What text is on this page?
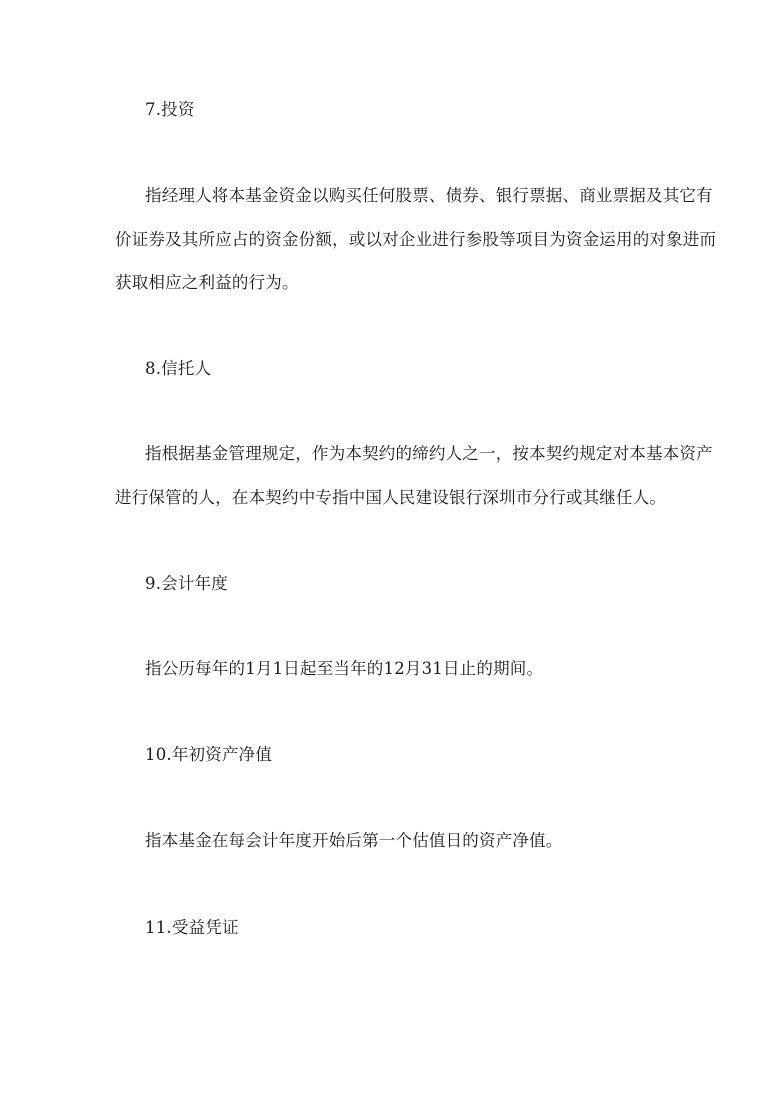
7.投资

指经理人将本基金资金以购买任何股票、债券、银行票据、商业票据及其它有

价证券及其所应占的资金份额，或以对企业进行参股等项目为资金运用的对象进而

获取相应之利益的行为。

8.信托人

指根据基金管理规定，作为本契约的缔约人之一，按本契约规定对本基本资产

进行保管的人，在本契约中专指中国人民建设银行深圳市分行或其继任人。

9.会计年度

指公历每年的1月1日起至当年的12月31日止的期间。

10.年初资产净值

指本基金在每会计年度开始后第一个估值日的资产净值。

11.受益凭证
